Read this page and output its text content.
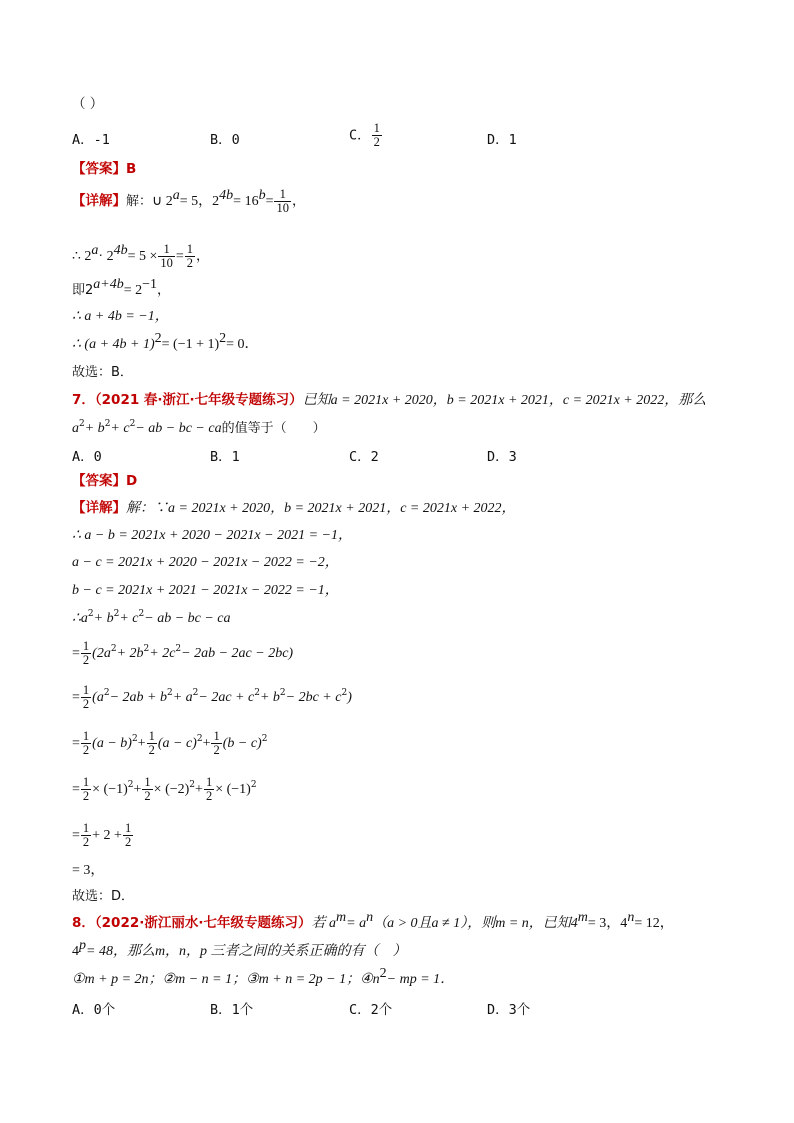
（ ）
A．-1	B．0	C． $\frac{1}{2}$	D．1
【答案】B
【详解】解：∪ $2^a= 5$，$2^{4b}= 16^b= \frac{1}{10}$ ，
∴ $2^a\cdot 2^{4b}= 5 \times \frac{1}{10} = \frac{1}{2}$ ，
即$2^{a+4b}= 2^{-1}$，
∴ a + 4b = −1，
∴ $(a + 4b + 1)^2= (-1 + 1)^2= 0$．
故选：B．
7．（2021 春·浙江·七年级专题练习）已知a = 2021x + 2020，b = 2021x + 2021，c = 2021x + 2022，那么
$a^2+ b^2+ c^2-$ ab − bc − ca的值等于（　　）
A．0	B．1	C．2	D．3
【答案】D
【详解】解：∵a = 2021x + 2020，b = 2021x + 2021，c = 2021x + 2022，
∴ a − b = 2021x + 2020 − 2021x − 2021 = −1，
a − c = 2021x + 2020 − 2021x − 2022 = −2，
b − c = 2021x + 2021 − 2021x − 2022 = −1，
$\therefore a^2+ b^2+ c^2-$ ab − bc − ca
= $\frac{1}{2} (2a^2+ 2b^2+ 2c^2- 2ab - 2ac - 2bc)$
= $\frac{1}{2} (a^2- 2ab + b^2+ a^2- 2ac + c^2+ b^2- 2bc + c^2)$
= $\frac{1}{2} (a - b)^2+ \frac{1}{2} (a - c)^2+ \frac{1}{2} (b - c)^2$
= $\frac{1}{2} \times (-1)^2+ \frac{1}{2} \times (-2)^2+ \frac{1}{2} \times (-1)^2$
= $\frac{1}{2} + 2 + \frac{1}{2}$
= 3，
故选：D．
8．（2022·浙江丽水·七年级专题练习）若 $a^m= a^n(a > 0$且a ≠ 1），则m = n，已知$4^m= 3$，$4^n= 12$，
$4^p= 48$，那么m，n，p 三者之间的关系正确的有（　）
①m + p = 2n；②m − n = 1；③m + n = 2p − 1；$④n^2-$ mp = 1．
A．0个	B．1个	C．2个	D．3个
